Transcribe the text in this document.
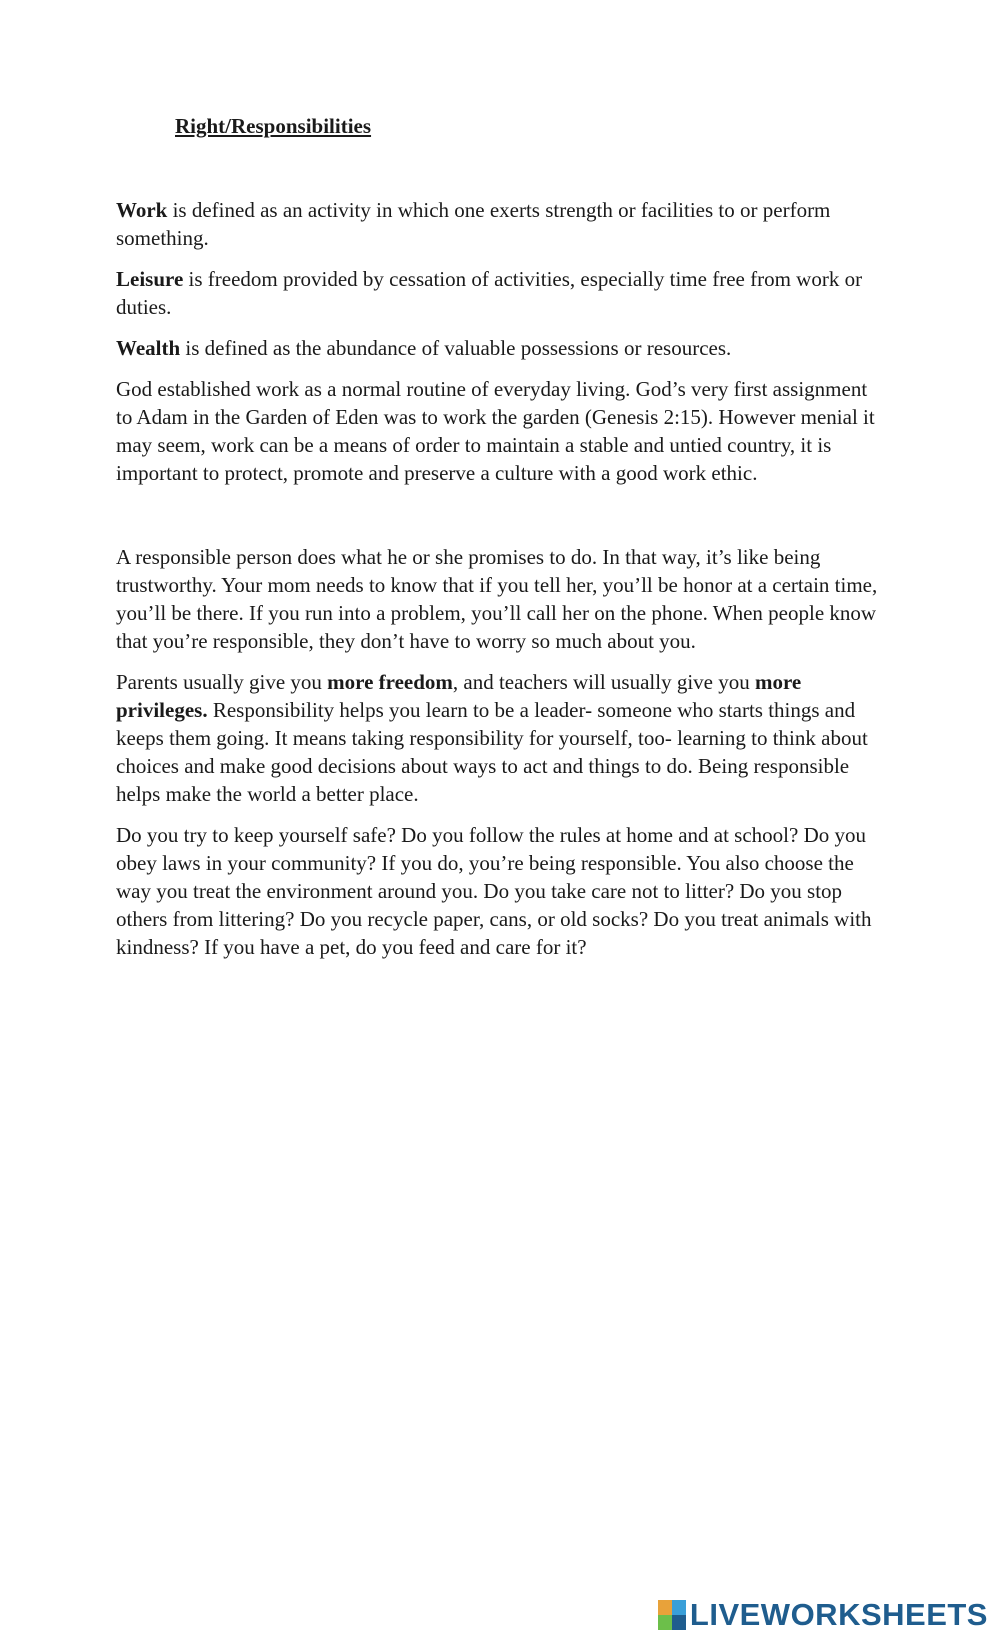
Right/Responsibilities

Work is defined as an activity in which one exerts strength or facilities to or perform something.

Leisure is freedom provided by cessation of activities, especially time free from work or duties.

Wealth is defined as the abundance of valuable possessions or resources.

God established work as a normal routine of everyday living. God’s very first assignment to Adam in the Garden of Eden was to work the garden (Genesis 2:15). However menial it may seem, work can be a means of order to maintain a stable and untied country, it is important to protect, promote and preserve a culture with a good work ethic.

A responsible person does what he or she promises to do. In that way, it’s like being trustworthy. Your mom needs to know that if you tell her, you’ll be honor at a certain time, you’ll be there. If you run into a problem, you’ll call her on the phone. When people know that you’re responsible, they don’t have to worry so much about you.

Parents usually give you more freedom, and teachers will usually give you more privileges. Responsibility helps you learn to be a leader- someone who starts things and keeps them going. It means taking responsibility for yourself, too- learning to think about choices and make good decisions about ways to act and things to do. Being responsible helps make the world a better place.

Do you try to keep yourself safe? Do you follow the rules at home and at school? Do you obey laws in your community? If you do, you’re being responsible. You also choose the way you treat the environment around you. Do you take care not to litter? Do you stop others from littering? Do you recycle paper, cans, or old socks? Do you treat animals with kindness? If you have a pet, do you feed and care for it?

LIVEWORKSHEETS
